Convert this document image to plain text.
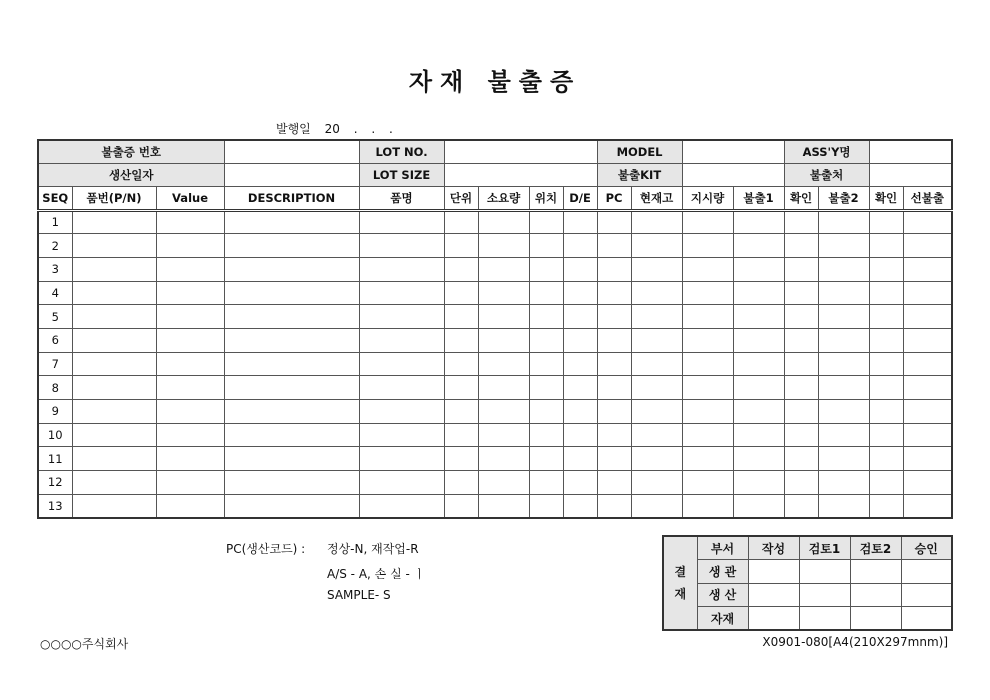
자재 불출증
발행일 20 . . .
불출증 번호				LOT NO.					MODEL				ASS'Y명			
생산일자				LOT SIZE					불출KIT				불출처			
SEQ	품번(P/N)	Value	DESCRIPTION	품명	단위	소요량	위치	D/E	PC	현재고	지시량	불출1	확인	불출2	확인	선불출
1																
2																
3																
4																
5																
6																
7																
8																
9																
10																
11																
12																
13																
PC(생산코드) : 정상-N, 재작업-R
A/S - A, 손 실 - ㅣ
SAMPLE- S
결
재	부서	작성	검토1	검토2	승인
	생 관				
	생 산				
	자재				
○○○○주식회사	X0901-080[A4(210X297mnm)]
